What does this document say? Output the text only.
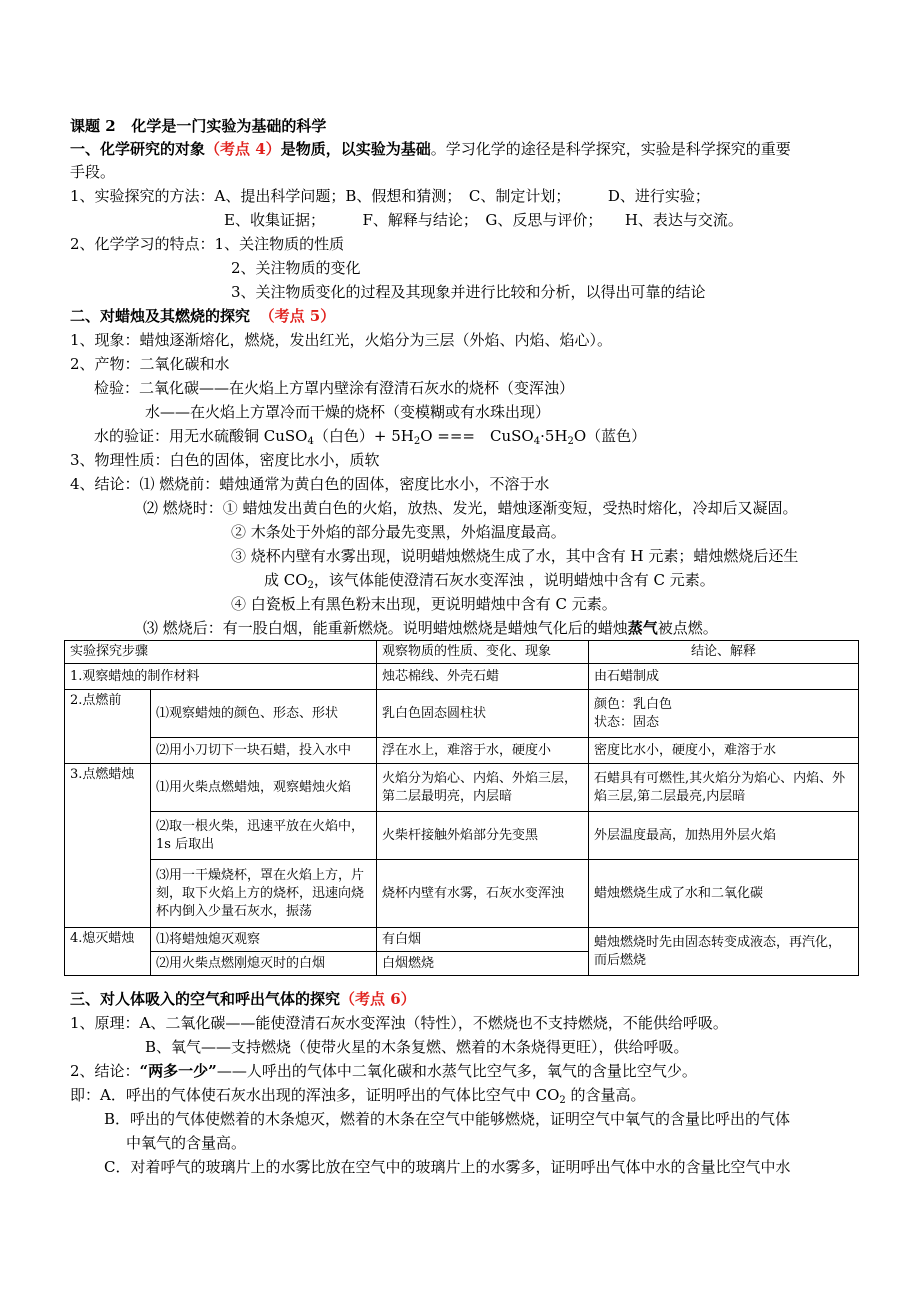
课题 2 化学是一门实验为基础的科学
一、化学研究的对象（考点 4）是物质，以实验为基础。学习化学的途径是科学探究，实验是科学探究的重要
手段。
1、实验探究的方法：A、提出科学问题；B、假想和猜测；　C、制定计划；　　　D、进行实验；
E、收集证据；　　　F、解释与结论；　G、反思与评价；　　H、表达与交流。
2、化学学习的特点：1、关注物质的性质
2、关注物质的变化
3、关注物质变化的过程及其现象并进行比较和分析，以得出可靠的结论
二、对蜡烛及其燃烧的探究 （考点 5）
1、现象：蜡烛逐渐熔化，燃烧，发出红光，火焰分为三层（外焰、内焰、焰心）。
2、产物：二氧化碳和水
检验：二氧化碳——在火焰上方罩内壁涂有澄清石灰水的烧杯（变浑浊）
水——在火焰上方罩冷而干燥的烧杯（变模糊或有水珠出现）
水的验证：用无水硫酸铜 CuSO$_4$（白色）+ $5H_2O$ ===　$CuSO_4\cdot 5H_2O$（蓝色）
3、物理性质：白色的固体，密度比水小，质软
4、结论：⑴ 燃烧前：蜡烛通常为黄白色的固体，密度比水小，不溶于水
⑵ 燃烧时：① 蜡烛发出黄白色的火焰，放热、发光，蜡烛逐渐变短，受热时熔化，冷却后又凝固。
② 木条处于外焰的部分最先变黑，外焰温度最高。
③ 烧杯内壁有水雾出现，说明蜡烛燃烧生成了水，其中含有 H 元素；蜡烛燃烧后还生
成 $CO_2$，该气体能使澄清石灰水变浑浊 ，说明蜡烛中含有 C 元素。
④ 白瓷板上有黑色粉末出现，更说明蜡烛中含有 C 元素。
⑶ 燃烧后：有一股白烟，能重新燃烧。说明蜡烛燃烧是蜡烛气化后的蜡烛蒸气被点燃。
实验探究步骤		观察物质的性质、变化、现象	结论、解释
1.观察蜡烛的制作材料		烛芯棉线、外壳石蜡	由石蜡制成
2.点燃前	⑴观察蜡烛的颜色、形态、形状	乳白色固态圆柱状	颜色：乳白色
状态：固态

	⑵用小刀切下一块石蜡，投入水中	浮在水上，难溶于水，硬度小	密度比水小，硬度小，难溶于水
3.点燃蜡烛	⑴用火柴点燃蜡烛，观察蜡烛火焰	火焰分为焰心、内焰、外焰三层，第二层最明亮，内层暗	石蜡具有可燃性,其火焰分为焰心、内焰、外焰三层,第二层最亮,内层暗
	⑵取一根火柴，迅速平放在火焰中，1s 后取出	火柴杆接触外焰部分先变黑	外层温度最高，加热用外层火焰
	⑶用一干燥烧杯，罩在火焰上方，片刻，取下火焰上方的烧杯，迅速向烧杯内倒入少量石灰水，振荡	烧杯内壁有水雾，石灰水变浑浊	蜡烛燃烧生成了水和二氧化碳
4.熄灭蜡烛	⑴将蜡烛熄灭观察	有白烟	蜡烛燃烧时先由固态转变成液态，再汽化，而后燃烧
	⑵用火柴点燃刚熄灭时的白烟	白烟燃烧	
三、对人体吸入的空气和呼出气体的探究（考点 6）
1、原理：A、二氧化碳——能使澄清石灰水变浑浊（特性），不燃烧也不支持燃烧，不能供给呼吸。
B、氧气——支持燃烧（使带火星的木条复燃、燃着的木条烧得更旺），供给呼吸。
2、结论：“两多一少”——人呼出的气体中二氧化碳和水蒸气比空气多，氧气的含量比空气少。
即：A．呼出的气体使石灰水出现的浑浊多，证明呼出的气体比空气中 $CO_2$ 的含量高。
B．呼出的气体使燃着的木条熄灭，燃着的木条在空气中能够燃烧，证明空气中氧气的含量比呼出的气体
中氧气的含量高。
C．对着呼气的玻璃片上的水雾比放在空气中的玻璃片上的水雾多，证明呼出气体中水的含量比空气中水
